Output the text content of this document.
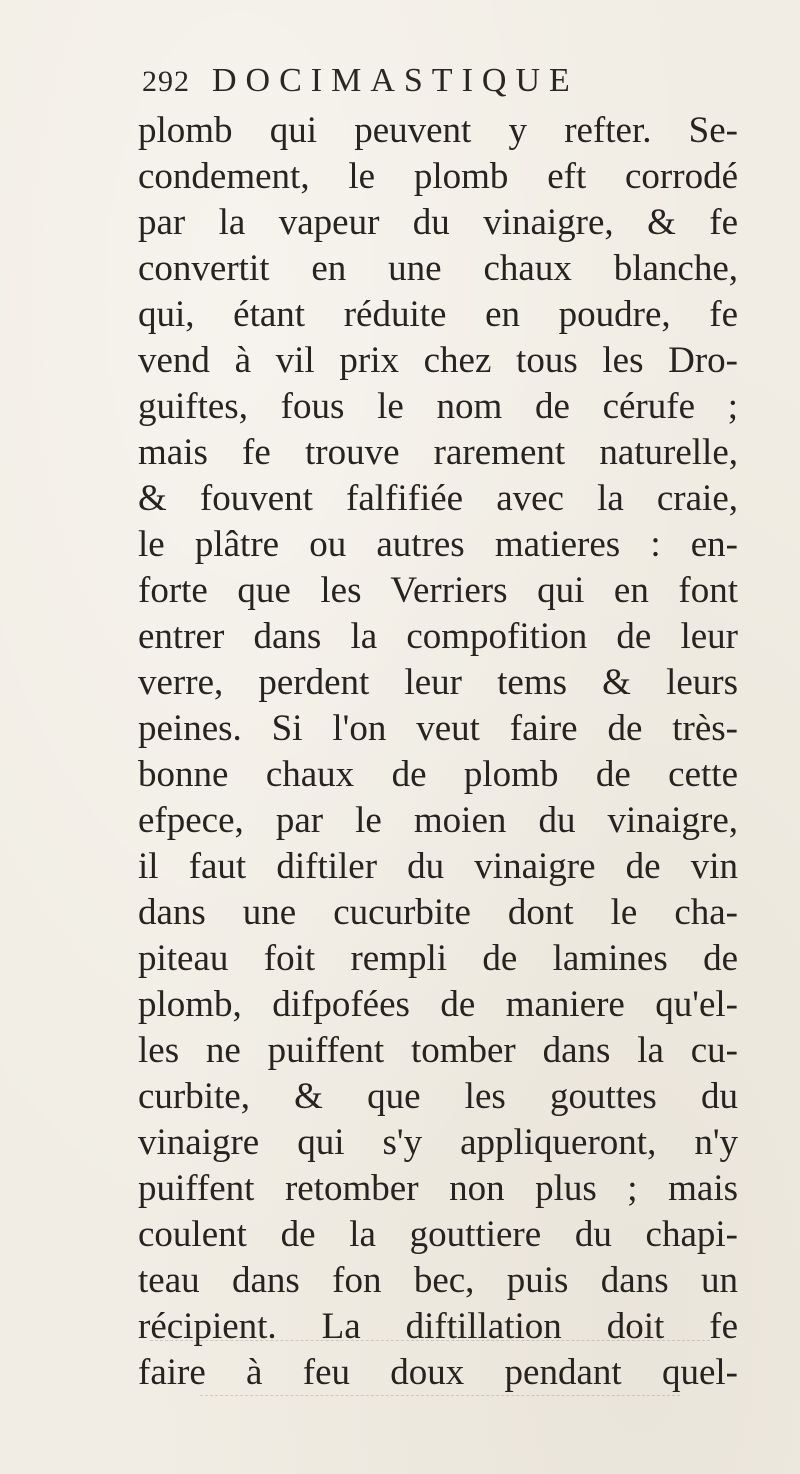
292 DOCIMASTIQUE
plomb qui peuvent y refter. Se-
condement, le plomb eft corrodé
par la vapeur du vinaigre, & fe
convertit en une chaux blanche,
qui, étant réduite en poudre, fe
vend à vil prix chez tous les Dro-
guiftes, fous le nom de cérufe ;
mais fe trouve rarement naturelle,
& fouvent falfifiée avec la craie,
le plâtre ou autres matieres : en-
forte que les Verriers qui en font
entrer dans la compofition de leur
verre, perdent leur tems & leurs
peines. Si l'on veut faire de très-
bonne chaux de plomb de cette
efpece, par le moien du vinaigre,
il faut diftiler du vinaigre de vin
dans une cucurbite dont le cha-
piteau foit rempli de lamines de
plomb, difpofées de maniere qu'el-
les ne puiffent tomber dans la cu-
curbite, & que les gouttes du
vinaigre qui s'y appliqueront, n'y
puiffent retomber non plus ; mais
coulent de la gouttiere du chapi-
teau dans fon bec, puis dans un
récipient. La diftillation doit fe
faire à feu doux pendant quel-
